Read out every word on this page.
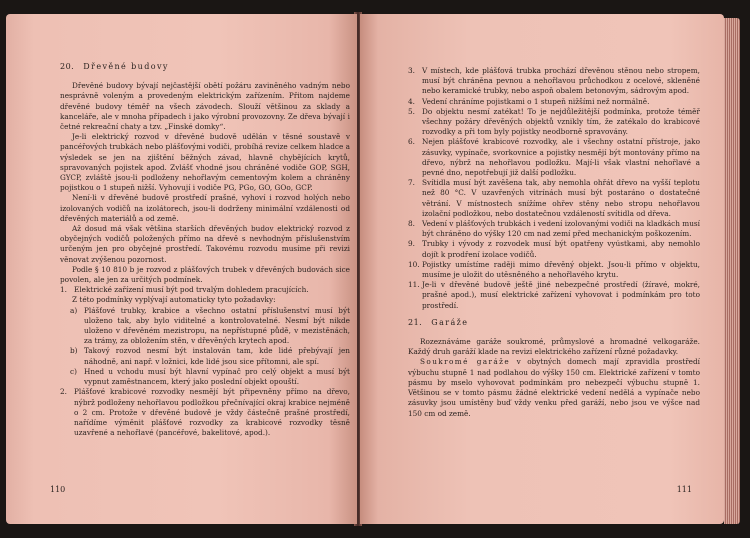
20. Dřevěné budovy

Dřevěné budovy bývají nejčastější obětí požáru zaviněného vadným nebo nesprávně voleným a provedeným elektrickým zařízením. Přitom najdeme dřevěné budovy téměř na všech závodech. Slouží většinou za sklady a kanceláře, ale v mnoha případech i jako výrobní provozovny. Ze dřeva bývají i četné rekreační chaty a tzv. „Finské domky“.

Je-li elektrický rozvod v dřevěné budově udělán v těsné soustavě v pancéřových trubkách nebo plášťovými vodiči, probíhá revize celkem hladce a výsledek se jen na zjištění běžných závad, hlavně chybějících krytů, spravovaných pojistek apod. Zvlášť vhodné jsou chráněné vodiče GOP, SGH, GYCP, zvláště jsou-li podloženy nehořlavým cementovým kolem a chráněny pojistkou o 1 stupeň nižší. Vyhovují i vodiče PG, PGo, GO, GOo, GCP.

Není-li v dřevěné budově prostředí prašné, vyhoví i rozvod holých nebo izolovaných vodičů na izolátorech, jsou-li dodrženy minimální vzdálenosti od dřevěných materiálů a od země.

Až dosud má však většina starších dřevěných budov elektrický rozvod z obyčejných vodičů položených přímo na dřevě s nevhodným příslušenstvím určeným jen pro obyčejné prostředí. Takovému rozvodu musíme při revizi věnovat zvýšenou pozornost.

Podle § 10 810 b je rozvod z plášťových trubek v dřevěných budovách sice povolen, ale jen za určitých podmínek.

1. Elektrické zařízení musí být pod trvalým dohledem pracujících.

Z této podmínky vyplývají automaticky tyto požadavky:

a) Plášťové trubky, krabice a všechno ostatní příslušenství musí být uloženo tak, aby bylo viditelné a kontrolovatelné. Nesmí být nikde uloženo v dřevěném mezistropu, na nepřístupné půdě, v mezistěnách, za trámy, za obložením stěn, v dřevěných krytech apod.
b) Takový rozvod nesmí být instalován tam, kde lidé přebývají jen náhodně, ani např. v ložnici, kde lidé jsou sice přítomni, ale spí.
c) Hned u vchodu musí být hlavní vypínač pro celý objekt a musí být vypnut zaměstnancem, který jako poslední objekt opouští.
2. Plášťové krabicové rozvodky nesmějí být připevněny přímo na dřevo, nýbrž podloženy nehořlavou podložkou přečnívající okraj krabice nejméně o 2 cm. Protože v dřevěné budově je vždy částečně prašné prostředí, nařídíme výměnit plášťové rozvodky za krabicové rozvodky těsně uzavřené a nehořlavé (pancéřové, bakelitové, apod.).
110
3. V místech, kde plášťová trubka prochází dřevěnou stěnou nebo stropem, musí být chráněna pevnou a nehořlavou průchodkou z ocelové, skleněné nebo keramické trubky, nebo aspoň obalem betonovým, sádrovým apod.
4. Vedení chráníme pojistkami o 1 stupeň nižšími než normálně.
5. Do objektu nesmí zatékat! To je nejdůležitější podmínka, protože téměř všechny požáry dřevěných objektů vznikly tím, že zatékalo do krabicové rozvodky a při tom byly pojistky neodborně spravovány.
6. Nejen plášťové krabicové rozvodky, ale i všechny ostatní přístroje, jako zásuvky, vypínače, svorkovnice a pojistky nesmějí být montovány přímo na dřevo, nýbrž na nehořlavou podložku. Mají-li však vlastní nehořlavé a pevné dno, nepotřebují již další podložku.
7. Svítidla musí být zavěšena tak, aby nemohla ohřát dřevo na vyšší teplotu než 80 °C. V uzavřených vitrínách musí být postaráno o dostatečné větrání. V místnostech snížíme ohřev stěny nebo stropu nehořlavou izolační podložkou, nebo dostatečnou vzdáleností svítidla od dřeva.
8. Vedení v plášťových trubkách i vedení izolovanými vodiči na kladkách musí být chráněno do výšky 120 cm nad zemí před mechanickým poškozením.
9. Trubky i vývody z rozvodek musí být opatřeny vyústkami, aby nemohlo dojít k prodření izolace vodičů.
10. Pojistky umístíme raději mimo dřevěný objekt. Jsou-li přímo v objektu, musíme je uložit do utěsněného a nehořlavého krytu.
11. Je-li v dřevěné budově ještě jiné nebezpečné prostředí (žíravé, mokré, prašné apod.), musí elektrické zařízení vyhovovat i podmínkám pro toto prostředí.
21. Garáže

Rozeznáváme garáže soukromé, průmyslové a hromadné velkogaráže. Každý druh garáží klade na revizi elektrického zařízení různé požadavky.

Soukromé garáže v obytných domech mají zpravidla prostředí výbuchu stupně 1 nad podlahou do výšky 150 cm. Elektrické zařízení v tomto pásmu by mselo vyhovovat podmínkám pro nebezpečí výbuchu stupně 1. Většinou se v tomto pásmu žádné elektrické vedení nedělá a vypínače nebo zásuvky jsou umístěny buď vždy venku před garáží, nebo jsou ve výšce nad 150 cm od země.

111
